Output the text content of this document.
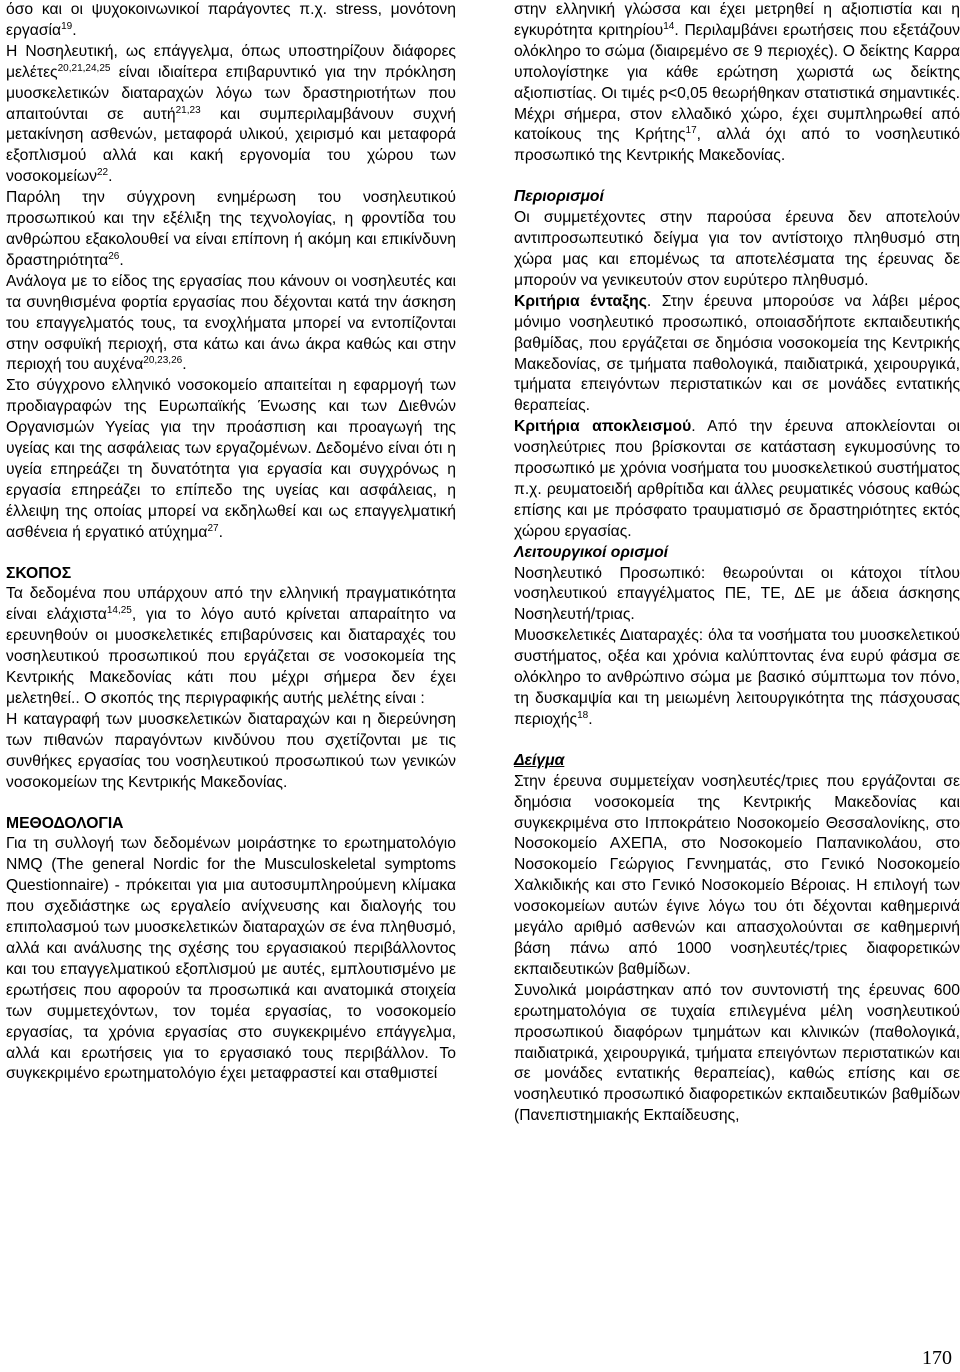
όσο και οι ψυχοκοινωνικοί παράγοντες π.χ. stress, μονότονη εργασία$^{19}$.

Η Νοσηλευτική, ως επάγγελμα, όπως υποστηρίζουν διάφορες μελέτες$^{20,21,24,25}$ είναι ιδιαίτερα επιβαρυντικό για την πρόκληση μυοσκελετικών διαταραχών λόγω των δραστηριοτήτων που απαιτούνται σε αυτή$^{21,23}$ και συμπεριλαμβάνουν συχνή μετακίνηση ασθενών, μεταφορά υλικού, χειρισμό και μεταφορά εξοπλισμού αλλά και κακή εργονομία του χώρου των νοσοκομείων$^{22}$.

Παρόλη την σύγχρονη ενημέρωση του νοσηλευτικού προσωπικού και την εξέλιξη της τεχνολογίας, η φροντίδα του ανθρώπου εξακολουθεί να είναι επίπονη ή ακόμη και επικίνδυνη δραστηριότητα$^{26}$.

Ανάλογα με το είδος της εργασίας που κάνουν οι νοσηλευτές και τα συνηθισμένα φορτία εργασίας που δέχονται κατά την άσκηση του επαγγελματός τους, τα ενοχλήματα μπορεί να εντοπίζονται στην οσφυϊκή περιοχή, στα κάτω και άνω άκρα καθώς και στην περιοχή του αυχένα$^{20,23,26}$.

Στο σύγχρονο ελληνικό νοσοκομείο απαιτείται η εφαρμογή των προδιαγραφών της Ευρωπαϊκής Ένωσης και των Διεθνών Οργανισμών Υγείας για την προάσπιση και προαγωγή της υγείας και της ασφάλειας των εργαζομένων. Δεδομένο είναι ότι η υγεία επηρεάζει τη δυνατότητα για εργασία και συγχρόνως η εργασία επηρεάζει το επίπεδο της υγείας και ασφάλειας, η έλλειψη της οποίας μπορεί να εκδηλωθεί και ως επαγγελματική ασθένεια ή εργατικό ατύχημα$^{27}$.

ΣΚΟΠΟΣ

Τα δεδομένα που υπάρχουν από την ελληνική πραγματικότητα είναι ελάχιστα$^{14,25}$, για το λόγο αυτό κρίνεται απαραίτητο να ερευνηθούν οι μυοσκελετικές επιβαρύνσεις και διαταραχές του νοσηλευτικού προσωπικού που εργάζεται σε νοσοκομεία της Κεντρικής Μακεδονίας κάτι που μέχρι σήμερα δεν έχει μελετηθεί.. Ο σκοπός της περιγραφικής αυτής μελέτης είναι :

Η καταγραφή των μυοσκελετικών διαταραχών και η διερεύνηση των πιθανών παραγόντων κινδύνου που σχετίζονται με τις συνθήκες εργασίας του νοσηλευτικού προσωπικού των γενικών νοσοκομείων της Κεντρικής Μακεδονίας.

ΜΕΘΟΔΟΛΟΓΙΑ

Για τη συλλογή των δεδομένων μοιράστηκε το ερωτηματολόγιο NMQ (The general Nordic for the Musculoskeletal symptoms Questionnaire) - πρόκειται για μια αυτοσυμπληρούμενη κλίμακα που σχεδιάστηκε ως εργαλείο ανίχνευσης και διαλογής του επιπολασμού των μυοσκελετικών διαταραχών σε ένα πληθυσμό, αλλά και ανάλυσης της σχέσης του εργασιακού περιβάλλοντος και του επαγγελματικού εξοπλισμού με αυτές, εμπλουτισμένο με ερωτήσεις που αφορούν τα προσωπικά και ανατομικά στοιχεία των συμμετεχόντων, τον τομέα εργασίας, το νοσοκομείο εργασίας, τα χρόνια εργασίας στο συγκεκριμένο επάγγελμα, αλλά και ερωτήσεις για το εργασιακό τους περιβάλλον. Το συγκεκριμένο ερωτηματολόγιο έχει μεταφραστεί και σταθμιστεί

στην ελληνική γλώσσα και έχει μετρηθεί η αξιοπιστία και η εγκυρότητα κριτηρίου$^{14}$. Περιλαμβάνει ερωτήσεις που εξετάζουν ολόκληρο το σώμα (διαιρεμένο σε 9 περιοχές). Ο δείκτης Καρρα υπολογίστηκε για κάθε ερώτηση χωριστά ως δείκτης αξιοπιστίας. Οι τιμές p<0,05 θεωρήθηκαν στατιστικά σημαντικές. Μέχρι σήμερα, στον ελλαδικό χώρο, έχει συμπληρωθεί από κατοίκους της Κρήτης$^{17}$, αλλά όχι από το νοσηλευτικό προσωπικό της Κεντρικής Μακεδονίας.

Περιορισμοί

Οι συμμετέχοντες στην παρούσα έρευνα δεν αποτελούν αντιπροσωπευτικό δείγμα για τον αντίστοιχο πληθυσμό στη χώρα μας και επομένως τα αποτελέσματα της έρευνας δε μπορούν να γενικευτούν στον ευρύτερο πληθυσμό.

Κριτήρια ένταξης. Στην έρευνα μπορούσε να λάβει μέρος μόνιμο νοσηλευτικό προσωπικό, οποιασδήποτε εκπαιδευτικής βαθμίδας, που εργάζεται σε δημόσια νοσοκομεία της Κεντρικής Μακεδονίας, σε τμήματα παθολογικά, παιδιατρικά, χειρουργικά, τμήματα επειγόντων περιστατικών και σε μονάδες εντατικής θεραπείας.

Κριτήρια αποκλεισμού. Από την έρευνα αποκλείονται οι νοσηλεύτριες που βρίσκονται σε κατάσταση εγκυμοσύνης το προσωπικό με χρόνια νοσήματα του μυοσκελετικού συστήματος π.χ. ρευματοειδή αρθρίτιδα και άλλες ρευματικές νόσους καθώς επίσης και με πρόσφατο τραυματισμό σε δραστηριότητες εκτός χώρου εργασίας.

Λειτουργικοί ορισμοί

Νοσηλευτικό Προσωπικό: θεωρούνται οι κάτοχοι τίτλου νοσηλευτικού επαγγέλματος ΠΕ, ΤΕ, ΔΕ με άδεια άσκησης Νοσηλευτή/τριας.

Μυοσκελετικές Διαταραχές: όλα τα νοσήματα του μυοσκελετικού συστήματος, οξέα και χρόνια καλύπτοντας ένα ευρύ φάσμα σε ολόκληρο το ανθρώπινο σώμα με βασικό σύμπτωμα τον πόνο, τη δυσκαμψία και τη μειωμένη λειτουργικότητα της πάσχουσας περιοχής$^{18}$.

Δείγμα

Στην έρευνα συμμετείχαν νοσηλευτές/τριες που εργάζονται σε δημόσια νοσοκομεία της Κεντρικής Μακεδονίας και συγκεκριμένα στο Ιπποκράτειο Νοσοκομείο Θεσσαλονίκης, στο Νοσοκομείο ΑΧΕΠΑ, στο Νοσοκομείο Παπανικολάου, στο Νοσοκομείο Γεώργιος Γεννηματάς, στο Γενικό Νοσοκομείο Χαλκιδικής και στο Γενικό Νοσοκομείο Βέροιας. Η επιλογή των νοσοκομείων αυτών έγινε λόγω του ότι δέχονται καθημερινά μεγάλο αριθμό ασθενών και απασχολούνται σε καθημερινή βάση πάνω από 1000 νοσηλευτές/τριες διαφορετικών εκπαιδευτικών βαθμίδων.

Συνολικά μοιράστηκαν από τον συντονιστή της έρευνας 600 ερωτηματολόγια σε τυχαία επιλεγμένα μέλη νοσηλευτικού προσωπικού διαφόρων τμημάτων και κλινικών (παθολογικά, παιδιατρικά, χειρουργικά, τμήματα επειγόντων περιστατικών και σε μονάδες εντατικής θεραπείας), καθώς επίσης και σε νοσηλευτικό προσωπικό διαφορετικών εκπαιδευτικών βαθμίδων (Πανεπιστημιακής Εκπαίδευσης,

170
